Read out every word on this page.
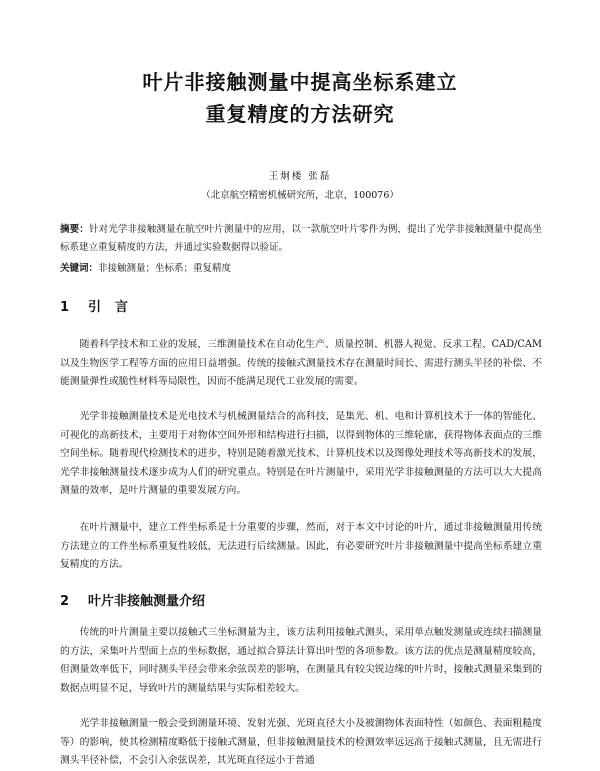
叶片非接触测量中提高坐标系建立
重复精度的方法研究
王炯楼 张磊
（北京航空精密机械研究所，北京，100076）

摘要：针对光学非接触测量在航空叶片测量中的应用，以一款航空叶片零件为例，提出了光学非接触测量中提高坐标系建立重复精度的方法，并通过实验数据得以验证。

关键词：非接触测量；坐标系；重复精度

1 引言

随着科学技术和工业的发展，三维测量技术在自动化生产、质量控制、机器人视觉、反求工程、CAD/CAM 以及生物医学工程等方面的应用日益增强。传统的接触式测量技术存在测量时间长、需进行测头半径的补偿、不能测量弹性或脆性材料等局限性，因而不能满足现代工业发展的需要。

光学非接触测量技术是光电技术与机械测量结合的高科技，是集光、机、电和计算机技术于一体的智能化、可视化的高新技术，主要用于对物体空间外形和结构进行扫描，以得到物体的三维轮廓，获得物体表面点的三维空间坐标。随着现代检测技术的进步，特别是随着激光技术、计算机技术以及图像处理技术等高新技术的发展，光学非接触测量技术逐步成为人们的研究重点。特别是在叶片测量中，采用光学非接触测量的方法可以大大提高测量的效率，是叶片测量的重要发展方向。

在叶片测量中，建立工件坐标系是十分重要的步骤，然而，对于本文中讨论的叶片，通过非接触测量用传统方法建立的工件坐标系重复性较低，无法进行后续测量。因此，有必要研究叶片非接触测量中提高坐标系建立重复精度的方法。

2 叶片非接触测量介绍

传统的叶片测量主要以接触式三坐标测量为主，该方法利用接触式测头，采用单点触发测量或连续扫描测量的方法，采集叶片型面上点的坐标数据，通过拟合算法计算出叶型的各项参数。该方法的优点是测量精度较高，但测量效率低下，同时测头半径会带来余弦误差的影响，在测量具有较尖锐边缘的叶片时，接触式测量采集到的数据点明显不足，导致叶片的测量结果与实际相差较大。

光学非接触测量一般会受到测量环境、发射光强、光斑直径大小及被测物体表面特性（如颜色、表面粗糙度等）的影响，使其检测精度略低于接触式测量，但非接触测量技术的检测效率远远高于接触式测量，且无需进行测头半径补偿，不会引入余弦误差，其光斑直径远小于普通
